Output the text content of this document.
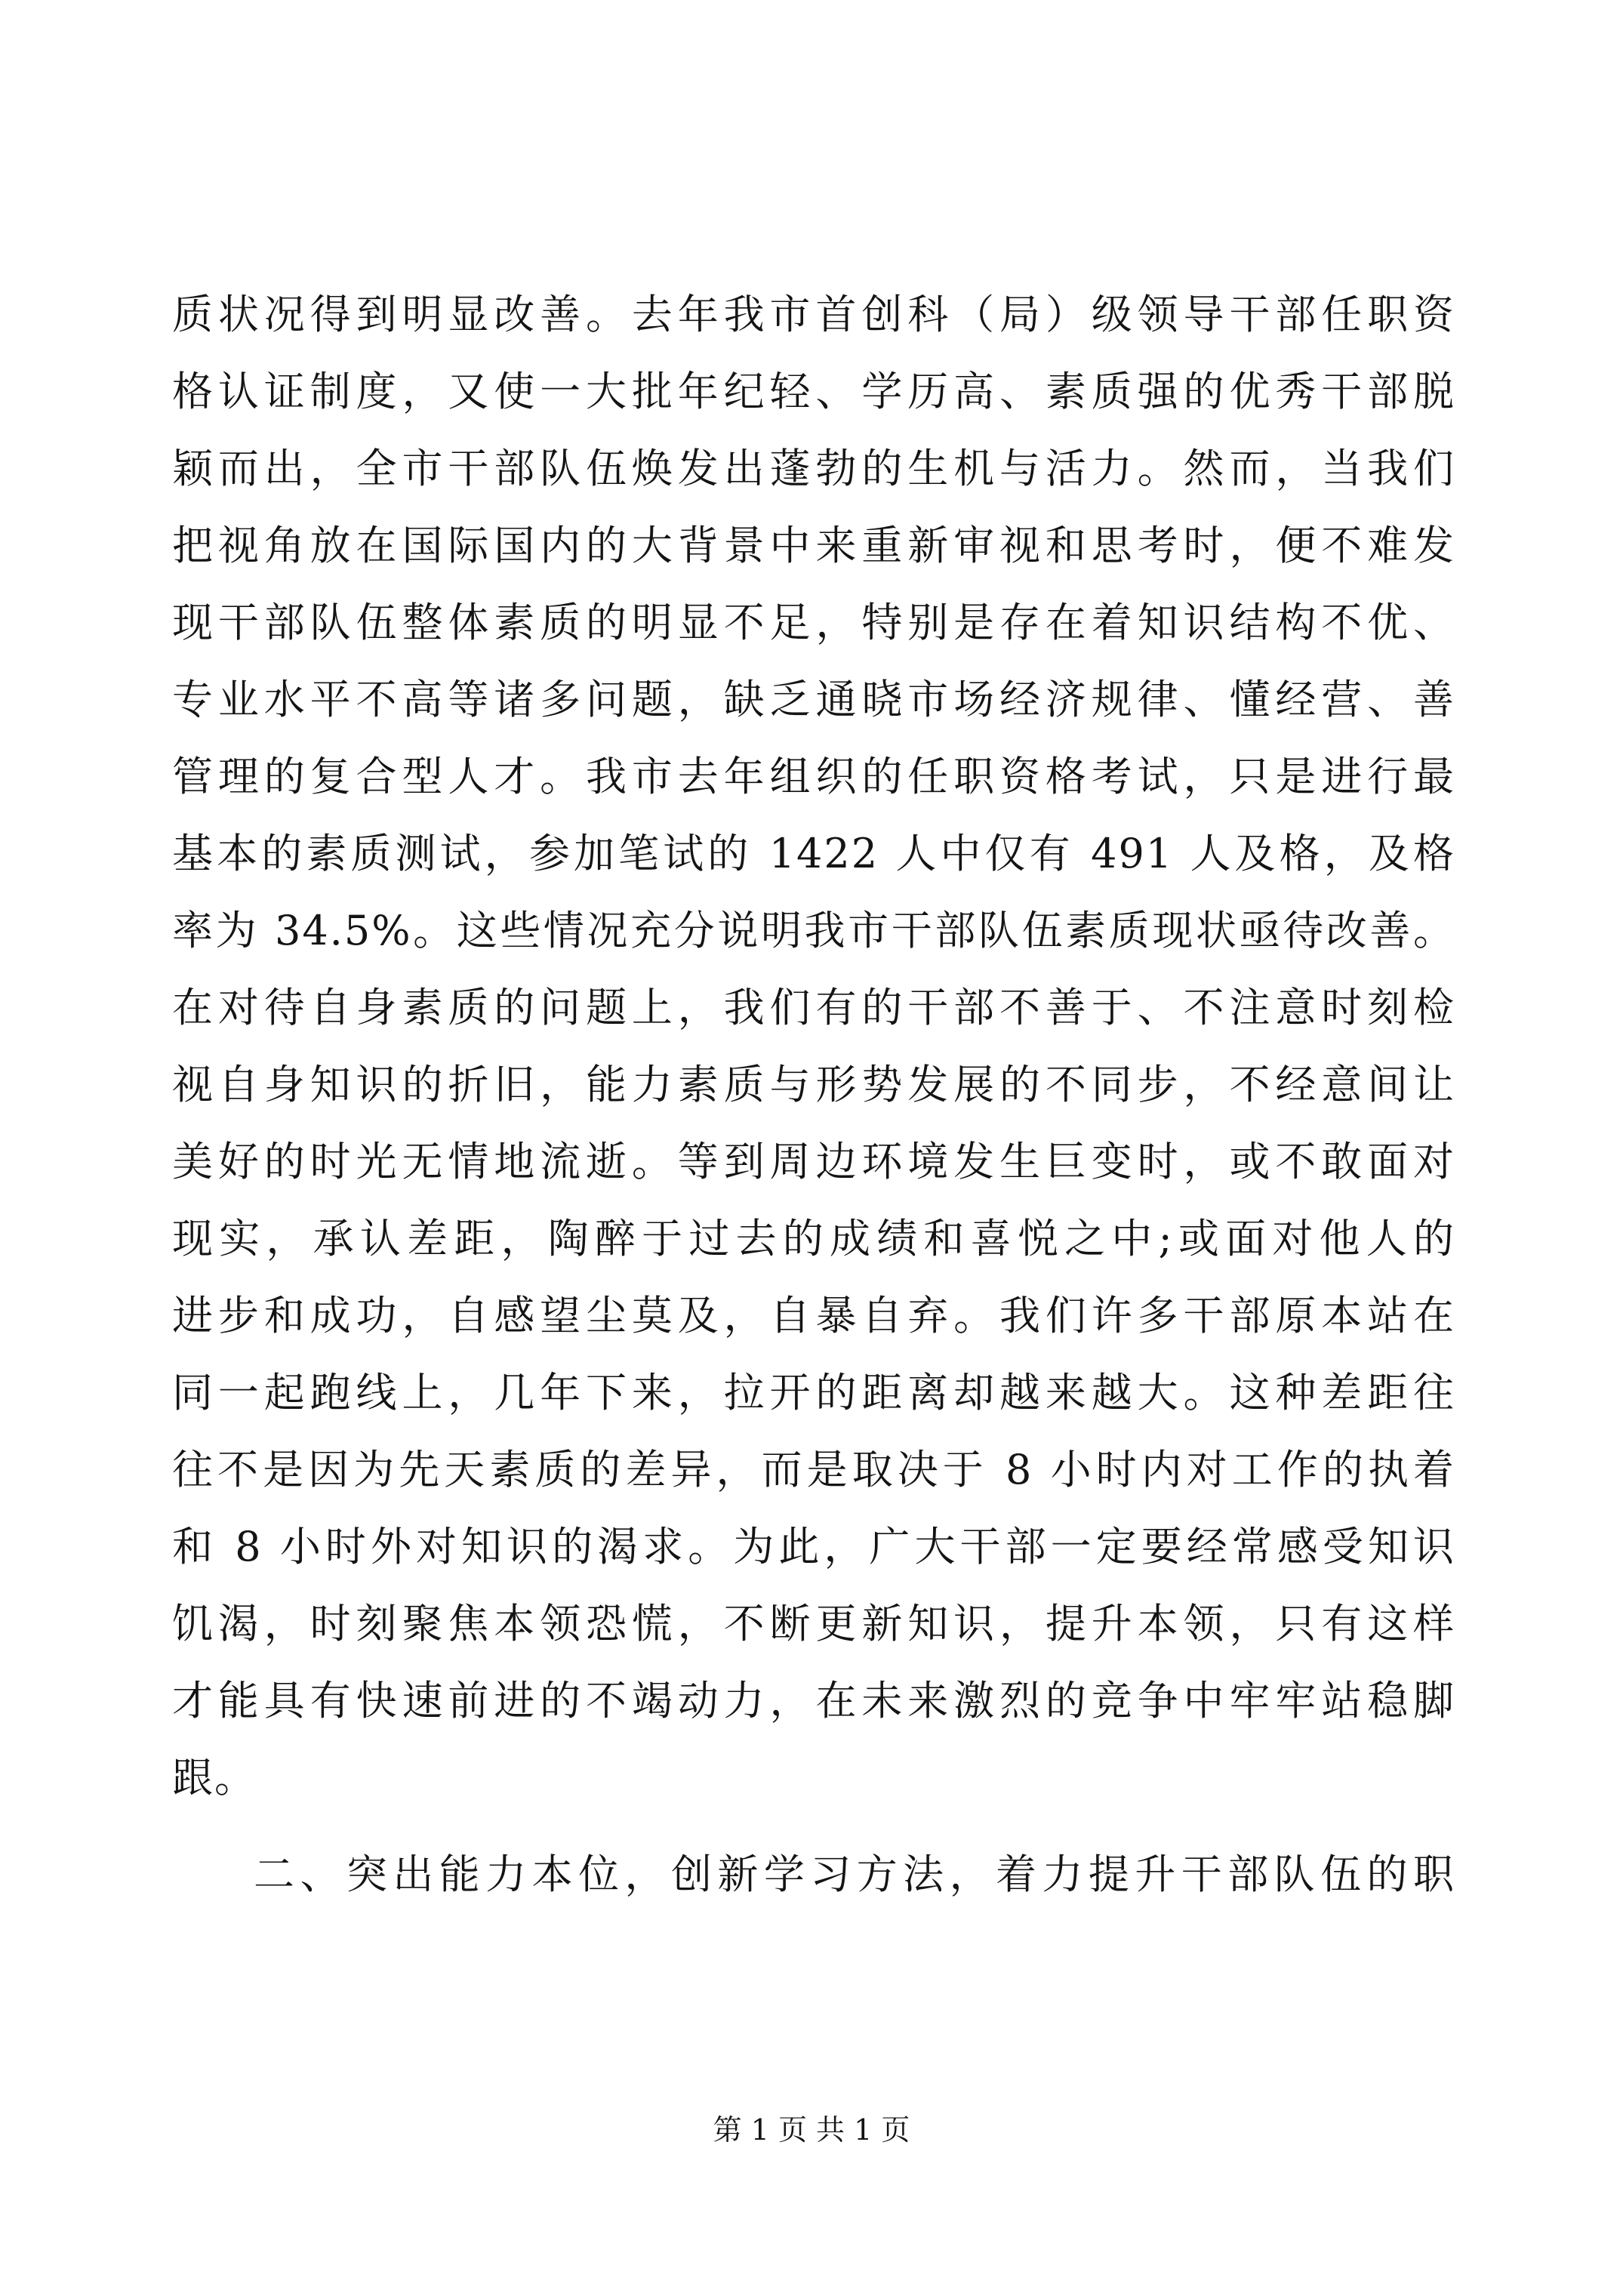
质状况得到明显改善。去年我市首创科（局）级领导干部任职资
格认证制度，又使一大批年纪轻、学历高、素质强的优秀干部脱
颖而出，全市干部队伍焕发出蓬勃的生机与活力。然而，当我们
把视角放在国际国内的大背景中来重新审视和思考时，便不难发
现干部队伍整体素质的明显不足，特别是存在着知识结构不优、
专业水平不高等诸多问题，缺乏通晓市场经济规律、懂经营、善
管理的复合型人才。我市去年组织的任职资格考试，只是进行最
基本的素质测试，参加笔试的 1422 人中仅有 491 人及格，及格
率为 34.5%。这些情况充分说明我市干部队伍素质现状亟待改善。
在对待自身素质的问题上，我们有的干部不善于、不注意时刻检
视自身知识的折旧，能力素质与形势发展的不同步，不经意间让
美好的时光无情地流逝。等到周边环境发生巨变时，或不敢面对
现实，承认差距，陶醉于过去的成绩和喜悦之中;或面对他人的
进步和成功，自感望尘莫及，自暴自弃。我们许多干部原本站在
同一起跑线上，几年下来，拉开的距离却越来越大。这种差距往
往不是因为先天素质的差异，而是取决于 8 小时内对工作的执着
和 8 小时外对知识的渴求。为此，广大干部一定要经常感受知识
饥渴，时刻聚焦本领恐慌，不断更新知识，提升本领，只有这样
才能具有快速前进的不竭动力，在未来激烈的竞争中牢牢站稳脚
跟。
二、突出能力本位，创新学习方法，着力提升干部队伍的职
第 1 页 共 1 页
